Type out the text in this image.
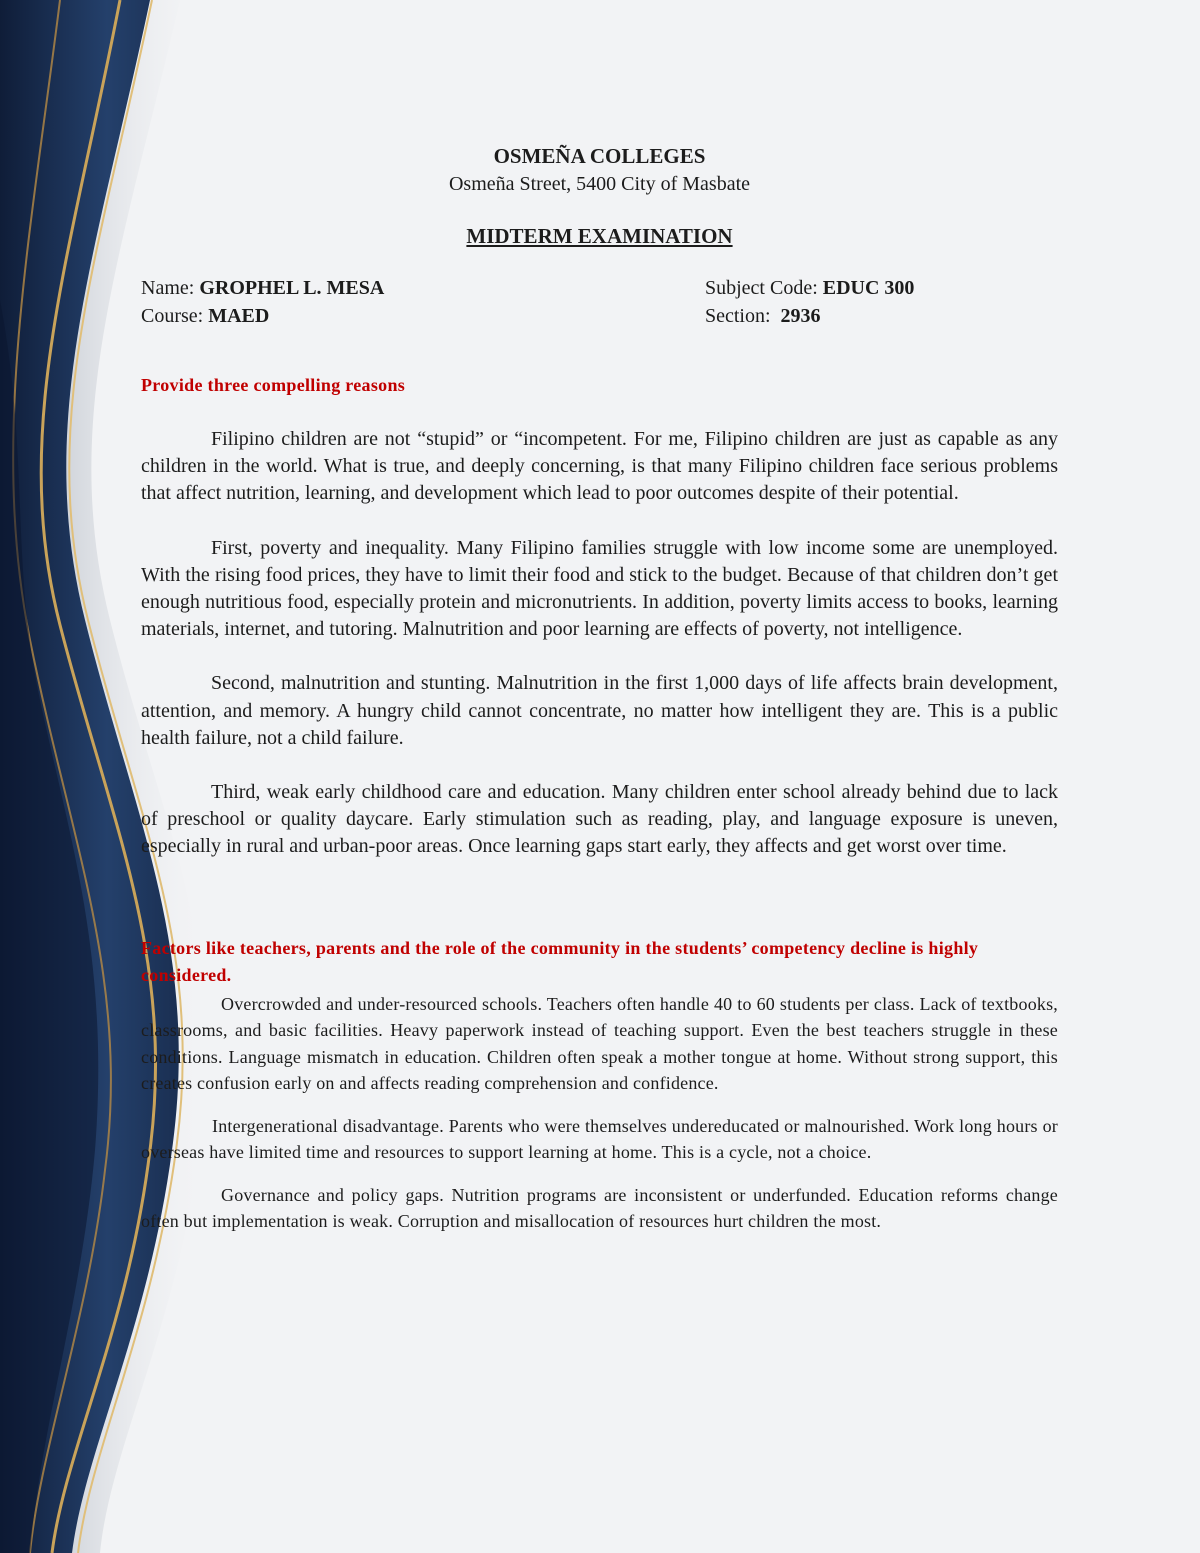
OSMEÑA COLLEGES
Osmeña Street, 5400 City of Masbate
MIDTERM EXAMINATION
Name: GROPHEL L. MESA
Course: MAED
Subject Code: EDUC 300
Section:  2936
Provide three compelling reasons

Filipino children are not “stupid” or “incompetent. For me, Filipino children are just as capable as any children in the world. What is true, and deeply concerning, is that many Filipino children face serious problems that affect nutrition, learning, and development which lead to poor outcomes despite of their potential.

First, poverty and inequality. Many Filipino families struggle with low income some are unemployed. With the rising food prices, they have to limit their food and stick to the budget. Because of that children don’t get enough nutritious food, especially protein and micronutrients. In addition, poverty limits access to books, learning materials, internet, and tutoring. Malnutrition and poor learning are effects of poverty, not intelligence.

Second, malnutrition and stunting. Malnutrition in the first 1,000 days of life affects brain development, attention, and memory. A hungry child cannot concentrate, no matter how intelligent they are. This is a public health failure, not a child failure.

Third, weak early childhood care and education. Many children enter school already behind due to lack of preschool or quality daycare. Early stimulation such as reading, play, and language exposure is uneven, especially in rural and urban-poor areas. Once learning gaps start early, they affects and get worst over time.

Factors like teachers, parents and the role of the community in the students’ competency decline is highly considered.

Overcrowded and under-resourced schools. Teachers often handle 40 to 60 students per class. Lack of textbooks, classrooms, and basic facilities. Heavy paperwork instead of teaching support. Even the best teachers struggle in these conditions. Language mismatch in education. Children often speak a mother tongue at home. Without strong support, this creates confusion early on and affects reading comprehension and confidence.

Intergenerational disadvantage. Parents who were themselves undereducated or malnourished. Work long hours or overseas have limited time and resources to support learning at home. This is a cycle, not a choice.

Governance and policy gaps. Nutrition programs are inconsistent or underfunded. Education reforms change often but implementation is weak. Corruption and misallocation of resources hurt children the most.
